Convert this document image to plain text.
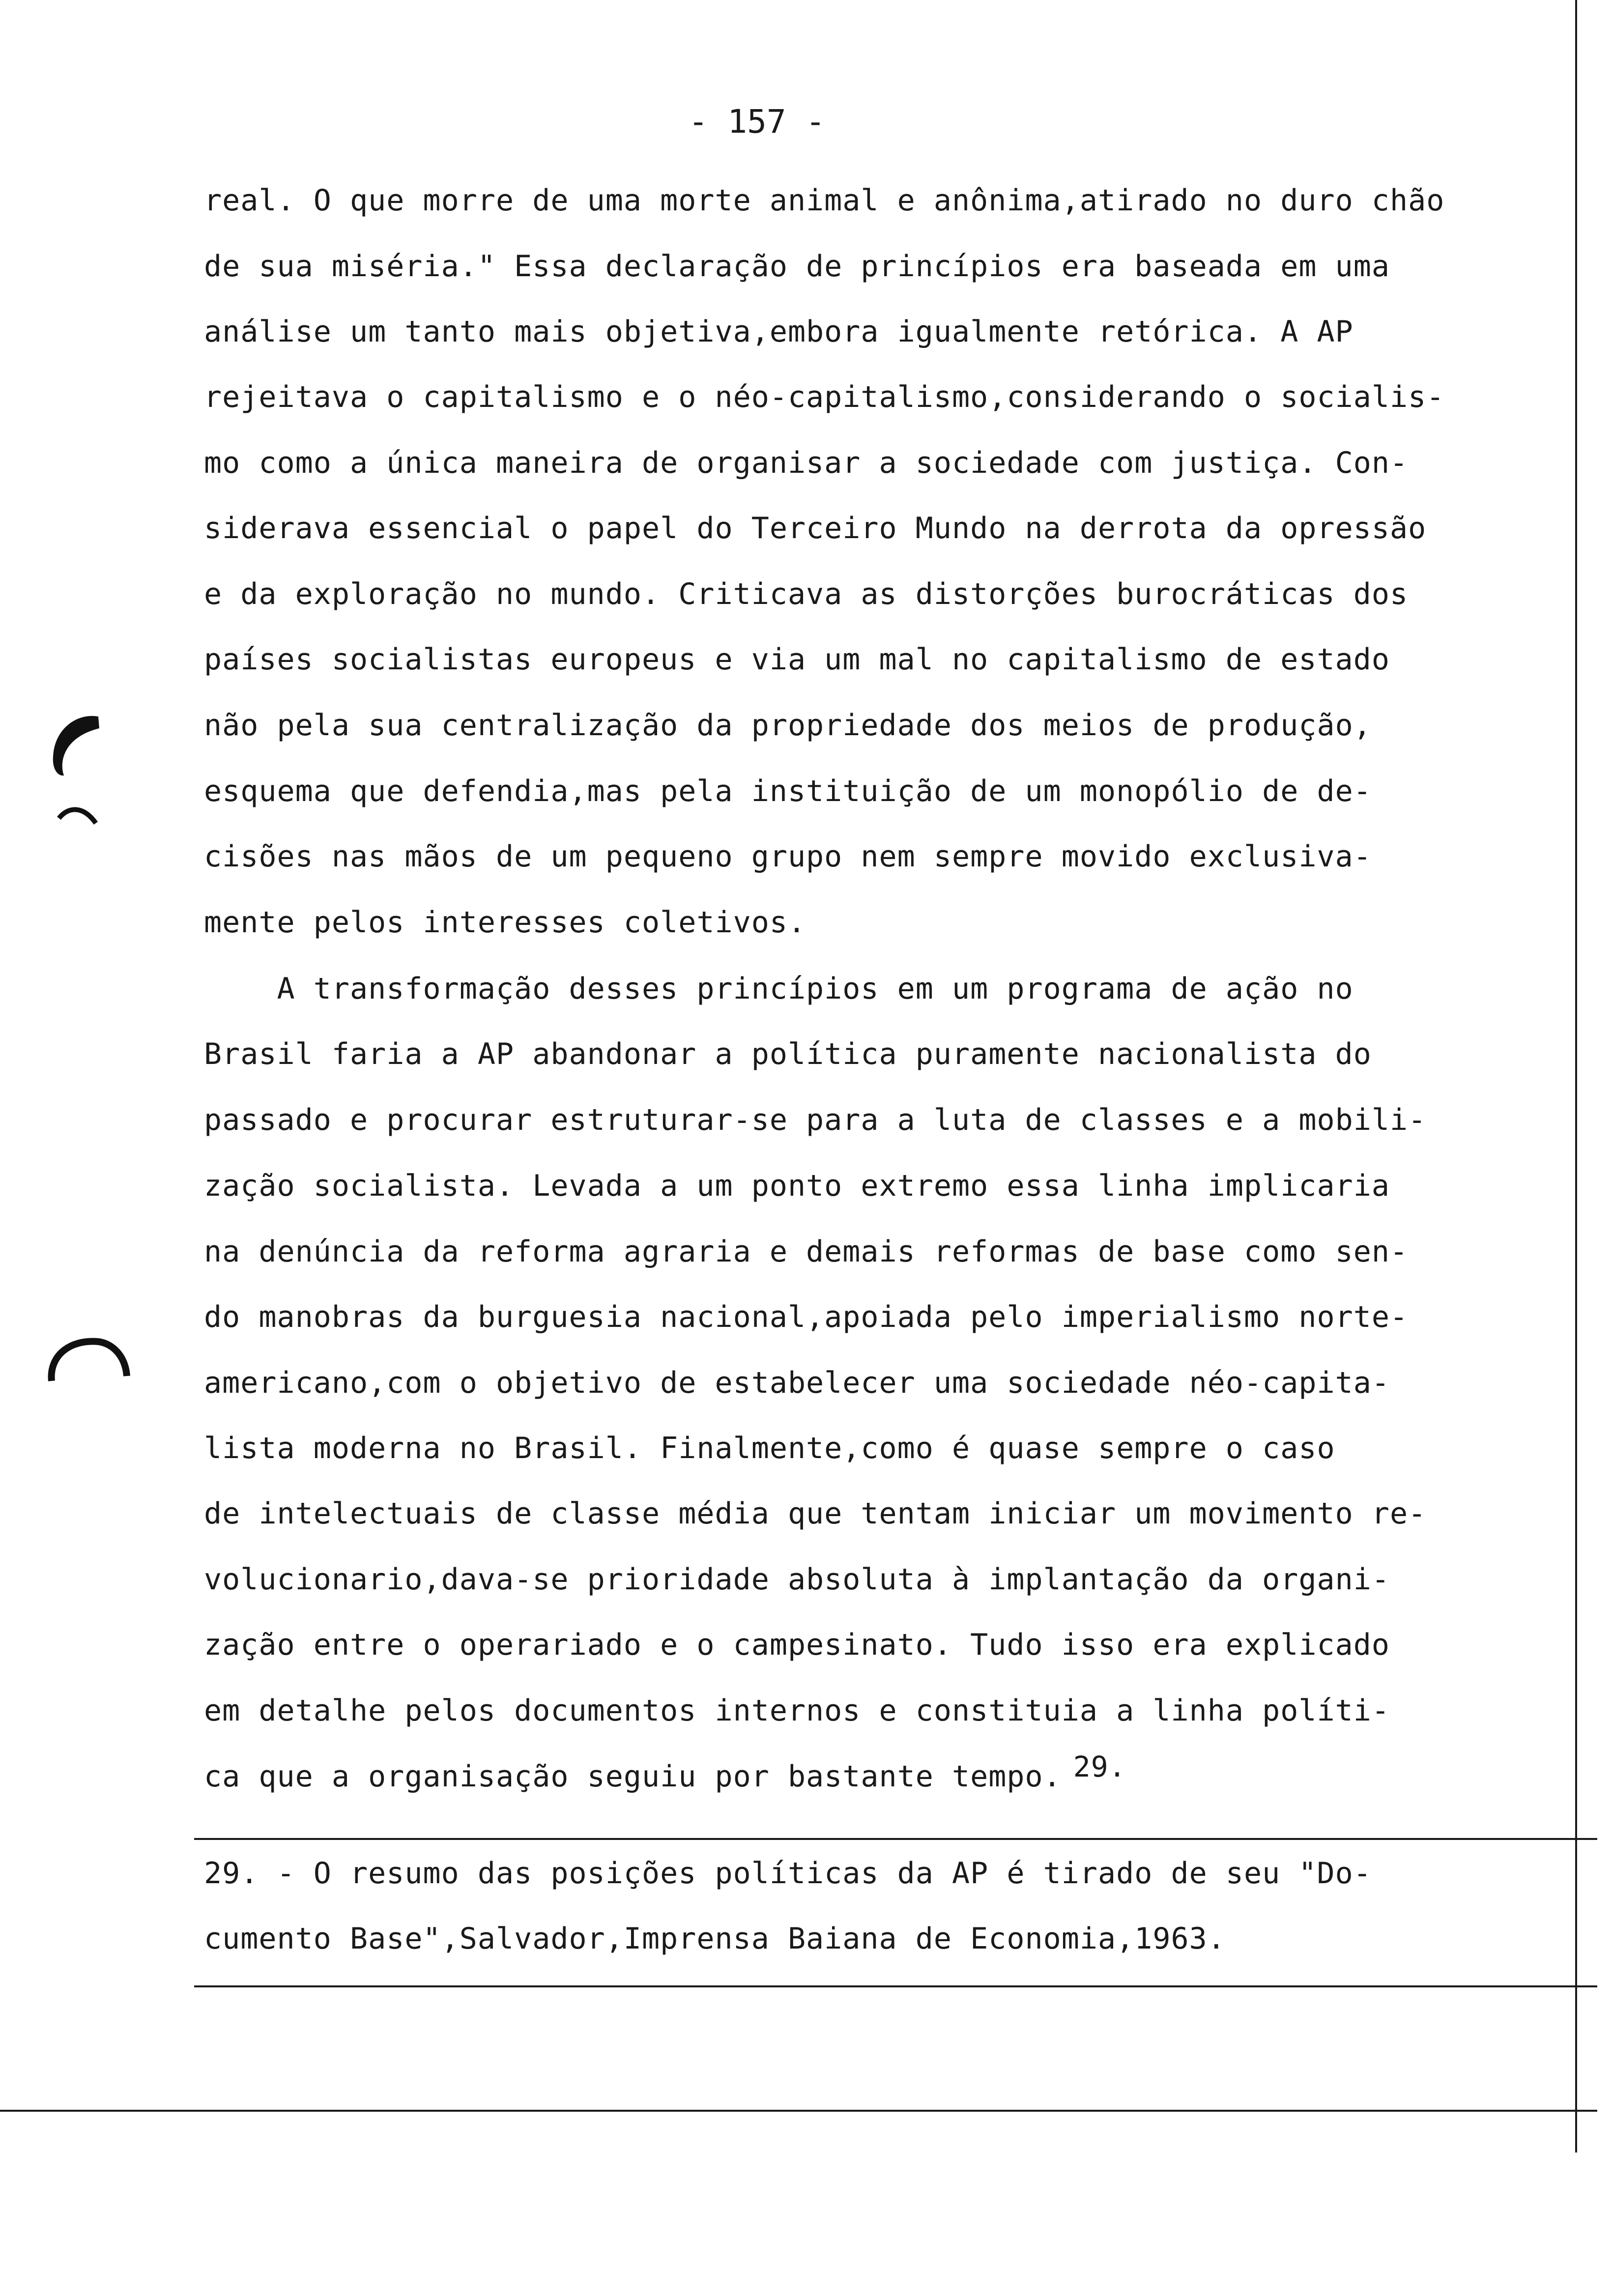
- 157 -
real. O que morre de uma morte animal e anônima,atirado no duro chão
de sua miséria." Essa declaração de princípios era baseada em uma
análise um tanto mais objetiva,embora igualmente retórica. A AP
rejeitava o capitalismo e o néo-capitalismo,considerando o socialis-
mo como a única maneira de organisar a sociedade com justiça. Con-
siderava essencial o papel do Terceiro Mundo na derrota da opressão
e da exploração no mundo. Criticava as distorções burocráticas dos
países socialistas europeus e via um mal no capitalismo de estado
não pela sua centralização da propriedade dos meios de produção,
esquema que defendia,mas pela instituição de um monopólio de de-
cisões nas mãos de um pequeno grupo nem sempre movido exclusiva-
mente pelos interesses coletivos.
A transformação desses princípios em um programa de ação no
Brasil faria a AP abandonar a política puramente nacionalista do
passado e procurar estruturar-se para a luta de classes e a mobili-
zação socialista. Levada a um ponto extremo essa linha implicaria
na denúncia da reforma agraria e demais reformas de base como sen-
do manobras da burguesia nacional,apoiada pelo imperialismo norte-
americano,com o objetivo de estabelecer uma sociedade néo-capita-
lista moderna no Brasil. Finalmente,como é quase sempre o caso
de intelectuais de classe média que tentam iniciar um movimento re-
volucionario,dava-se prioridade absoluta à implantação da organi-
zação entre o operariado e o campesinato. Tudo isso era explicado
em detalhe pelos documentos internos e constituia a linha políti-
ca que a organisação seguiu por bastante tempo. 29.
29. - O resumo das posições políticas da AP é tirado de seu "Do-
cumento Base",Salvador,Imprensa Baiana de Economia,1963.
